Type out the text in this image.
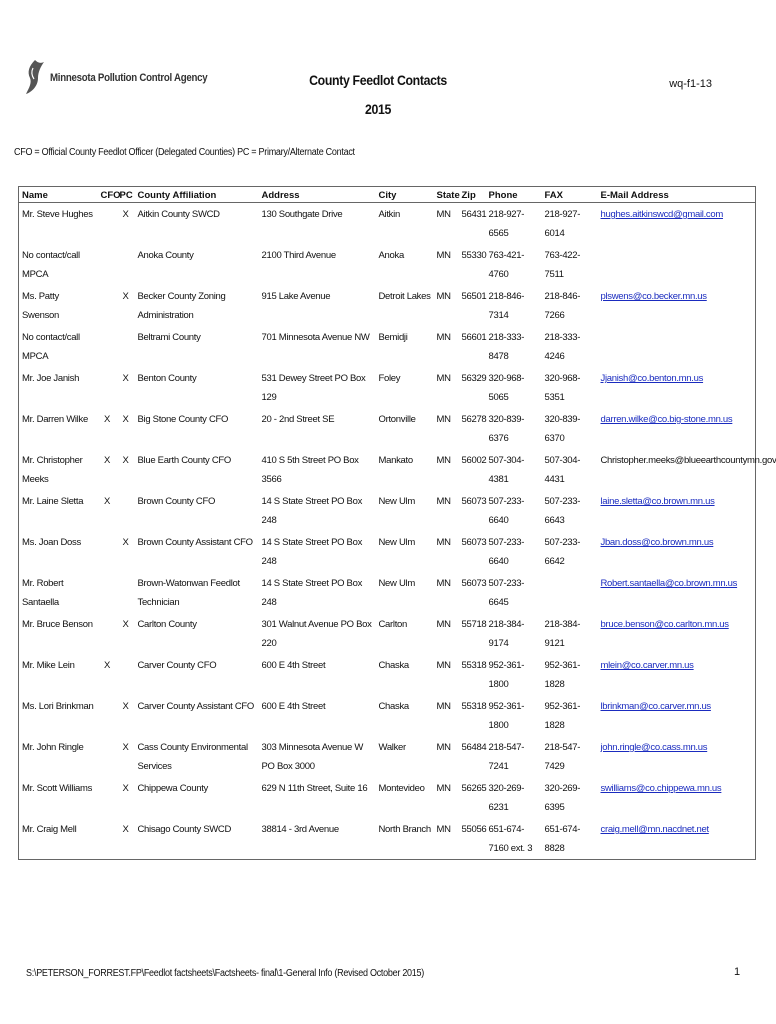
Minnesota Pollution Control Agency	County Feedlot Contacts
2015
wq-f1-13
CFO = Official County Feedlot Officer (Delegated Counties) PC = Primary/Alternate Contact
Name	CFO	PC	County Affiliation	Address	City	State	Zip	Phone	FAX	E-Mail Address
Mr. Steve Hughes		X	Aitkin County SWCD	130 Southgate Drive	Aitkin	MN	56431	218-927-6565	218-927-6014	hughes.aitkinswcd@gmail.com
No contact/call MPCA			Anoka County	2100 Third Avenue	Anoka	MN	55330	763-421-4760	763-422-7511	
Ms. Patty Swenson		X	Becker County Zoning Administration	915 Lake Avenue	Detroit Lakes	MN	56501	218-846-7314	218-846-7266	plswens@co.becker.mn.us
No contact/call MPCA			Beltrami County	701 Minnesota Avenue NW	Bemidji	MN	56601	218-333-8478	218-333-4246	
Mr. Joe Janish		X	Benton County	531 Dewey Street PO Box 129	Foley	MN	56329	320-968-5065	320-968-5351	Jjanish@co.benton.mn.us
Mr. Darren Wilke	X	X	Big Stone County CFO	20 - 2nd Street SE	Ortonville	MN	56278	320-839-6376	320-839-6370	darren.wilke@co.big-stone.mn.us
Mr. Christopher Meeks	X	X	Blue Earth County CFO	410 S 5th Street PO Box 3566	Mankato	MN	56002	507-304-4381	507-304-4431	Christopher.meeks@blueearthcountymn.gov
Mr. Laine Sletta	X		Brown County CFO	14 S State Street PO Box 248	New Ulm	MN	56073	507-233-6640	507-233-6643	laine.sletta@co.brown.mn.us
Ms. Joan Doss		X	Brown County Assistant CFO	14 S State Street PO Box 248	New Ulm	MN	56073	507-233-6640	507-233-6642	Jban.doss@co.brown.mn.us
Mr. Robert Santaella			Brown-Watonwan Feedlot Technician	14 S State Street PO Box 248	New Ulm	MN	56073	507-233-6645		Robert.santaella@co.brown.mn.us
Mr. Bruce Benson		X	Carlton County	301 Walnut Avenue PO Box 220	Carlton	MN	55718	218-384-9174	218-384-9121	bruce.benson@co.carlton.mn.us
Mr. Mike Lein	X		Carver County CFO	600 E 4th Street	Chaska	MN	55318	952-361-1800	952-361-1828	mlein@co.carver.mn.us
Ms. Lori Brinkman		X	Carver County Assistant CFO	600 E 4th Street	Chaska	MN	55318	952-361-1800	952-361-1828	lbrinkman@co.carver.mn.us
Mr. John Ringle		X	Cass County Environmental Services	303 Minnesota Avenue W PO Box 3000	Walker	MN	56484	218-547-7241	218-547-7429	john.ringle@co.cass.mn.us
Mr. Scott Williams		X	Chippewa County	629 N 11th Street, Suite 16	Montevideo	MN	56265	320-269-6231	320-269-6395	swilliams@co.chippewa.mn.us
Mr. Craig Mell		X	Chisago County SWCD	38814 - 3rd Avenue	North Branch	MN	55056	651-674-7160 ext. 3	651-674-8828	craig.mell@mn.nacdnet.net
S:\PETERSON_FORREST.FP\Feedlot factsheets\Factsheets- final\1-General Info (Revised October 2015)	1
